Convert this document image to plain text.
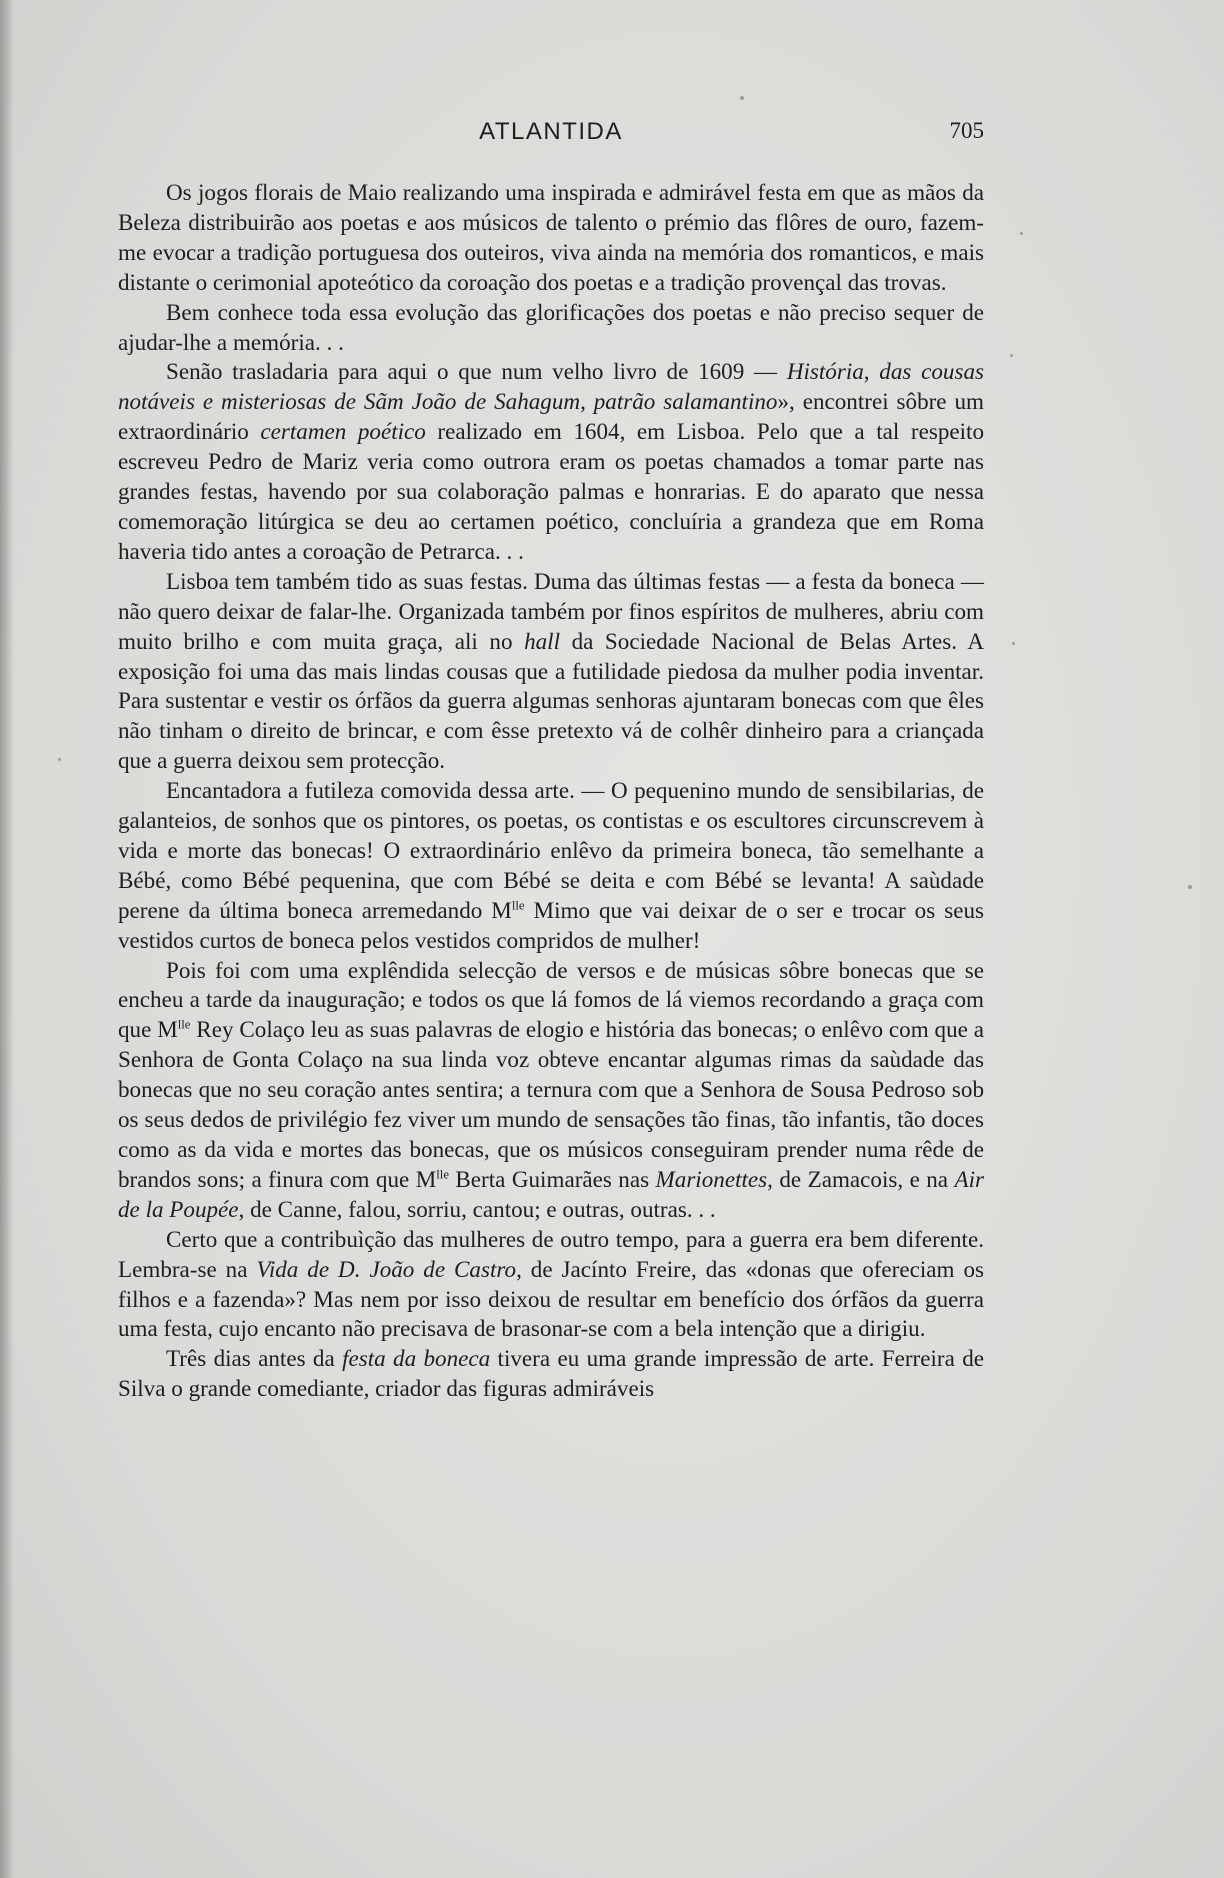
ATLANTIDA	705

Os jogos florais de Maio realizando uma inspirada e admirável festa em que as mãos da Beleza distribuirão aos poetas e aos músicos de talento o prémio das flôres de ouro, fazem-me evocar a tradição portuguesa dos outeiros, viva ainda na memória dos romanticos, e mais distante o cerimonial apoteótico da coroação dos poetas e a tradição provençal das trovas.

Bem conhece toda essa evolução das glorificações dos poetas e não preciso sequer de ajudar-lhe a memória. . .

Senão trasladaria para aqui o que num velho livro de 1609 — História, das cousas notáveis e misteriosas de Sãm João de Sahagum, patrão salamantino», encontrei sôbre um extraordinário certamen poético realizado em 1604, em Lisboa. Pelo que a tal respeito escreveu Pedro de Mariz veria como outrora eram os poetas chamados a tomar parte nas grandes festas, havendo por sua colaboração palmas e honrarias. E do aparato que nessa comemoração litúrgica se deu ao certamen poético, concluíria a grandeza que em Roma haveria tido antes a coroação de Petrarca. . .

Lisboa tem também tido as suas festas. Duma das últimas festas — a festa da boneca — não quero deixar de falar-lhe. Organizada também por finos espíritos de mulheres, abriu com muito brilho e com muita graça, ali no hall da Sociedade Nacional de Belas Artes. A exposição foi uma das mais lindas cousas que a futilidade piedosa da mulher podia inventar. Para sustentar e vestir os órfãos da guerra algumas senhoras ajuntaram bonecas com que êles não tinham o direito de brincar, e com êsse pretexto vá de colhêr dinheiro para a criançada que a guerra deixou sem protecção.

Encantadora a futileza comovida dessa arte. — O pequenino mundo de sensibilarias, de galanteios, de sonhos que os pintores, os poetas, os contistas e os escultores circunscrevem à vida e morte das bonecas! O extraordinário enlêvo da primeira boneca, tão semelhante a Bébé, como Bébé pequenina, que com Bébé se deita e com Bébé se levanta! A saùdade perene da última boneca arremedando $M^{lle}$ Mimo que vai deixar de o ser e trocar os seus vestidos curtos de boneca pelos vestidos compridos de mulher!

Pois foi com uma explêndida selecção de versos e de músicas sôbre bonecas que se encheu a tarde da inauguração; e todos os que lá fomos de lá viemos recordando a graça com que $M^{lle}$ Rey Colaço leu as suas palavras de elogio e história das bonecas; o enlêvo com que a Senhora de Gonta Colaço na sua linda voz obteve encantar algumas rimas da saùdade das bonecas que no seu coração antes sentira; a ternura com que a Senhora de Sousa Pedroso sob os seus dedos de privilégio fez viver um mundo de sensações tão finas, tão infantis, tão doces como as da vida e mortes das bonecas, que os músicos conseguiram prender numa rêde de brandos sons; a finura com que $M^{lle}$ Berta Guimarães nas Marionettes, de Zamacois, e na Air de la Poupée, de Canne, falou, sorriu, cantou; e outras, outras. . .

Certo que a contribuìção das mulheres de outro tempo, para a guerra era bem diferente. Lembra-se na Vida de D. João de Castro, de Jacínto Freire, das «donas que ofereciam os filhos e a fazenda»? Mas nem por isso deixou de resultar em benefício dos órfãos da guerra uma festa, cujo encanto não precisava de brasonar-se com a bela intenção que a dirigiu.

Três dias antes da festa da boneca tivera eu uma grande impressão de arte. Ferreira de Silva o grande comediante, criador das figuras admiráveis
